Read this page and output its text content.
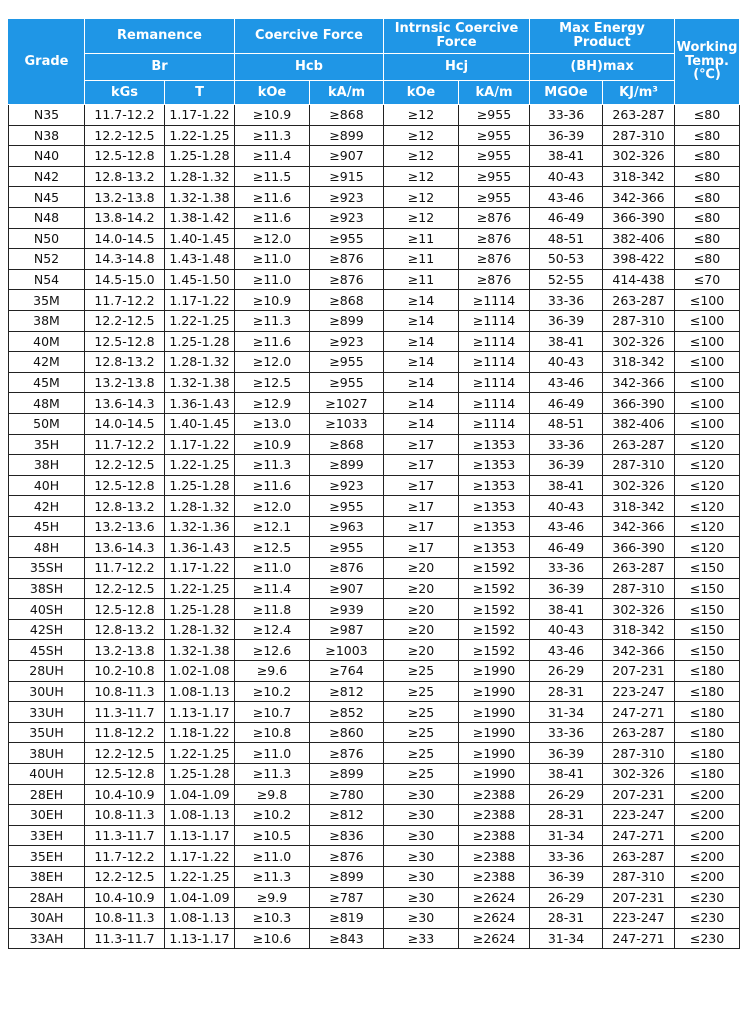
Grade	Remanence		Coercive Force		Intrnsic Coercive Force		Max Energy Product		Working
Temp.(℃)
	Br		Hcb		Hcj		(BH)max		
	kGs	T	kOe	kA/m	kOe	kA/m	MGOe	KJ/m³	
N35	11.7-12.2	1.17-1.22	≥10.9	≥868	≥12	≥955	33-36	263-287	≤80
N38	12.2-12.5	1.22-1.25	≥11.3	≥899	≥12	≥955	36-39	287-310	≤80
N40	12.5-12.8	1.25-1.28	≥11.4	≥907	≥12	≥955	38-41	302-326	≤80
N42	12.8-13.2	1.28-1.32	≥11.5	≥915	≥12	≥955	40-43	318-342	≤80
N45	13.2-13.8	1.32-1.38	≥11.6	≥923	≥12	≥955	43-46	342-366	≤80
N48	13.8-14.2	1.38-1.42	≥11.6	≥923	≥12	≥876	46-49	366-390	≤80
N50	14.0-14.5	1.40-1.45	≥12.0	≥955	≥11	≥876	48-51	382-406	≤80
N52	14.3-14.8	1.43-1.48	≥11.0	≥876	≥11	≥876	50-53	398-422	≤80
N54	14.5-15.0	1.45-1.50	≥11.0	≥876	≥11	≥876	52-55	414-438	≤70
35M	11.7-12.2	1.17-1.22	≥10.9	≥868	≥14	≥1114	33-36	263-287	≤100
38M	12.2-12.5	1.22-1.25	≥11.3	≥899	≥14	≥1114	36-39	287-310	≤100
40M	12.5-12.8	1.25-1.28	≥11.6	≥923	≥14	≥1114	38-41	302-326	≤100
42M	12.8-13.2	1.28-1.32	≥12.0	≥955	≥14	≥1114	40-43	318-342	≤100
45M	13.2-13.8	1.32-1.38	≥12.5	≥955	≥14	≥1114	43-46	342-366	≤100
48M	13.6-14.3	1.36-1.43	≥12.9	≥1027	≥14	≥1114	46-49	366-390	≤100
50M	14.0-14.5	1.40-1.45	≥13.0	≥1033	≥14	≥1114	48-51	382-406	≤100
35H	11.7-12.2	1.17-1.22	≥10.9	≥868	≥17	≥1353	33-36	263-287	≤120
38H	12.2-12.5	1.22-1.25	≥11.3	≥899	≥17	≥1353	36-39	287-310	≤120
40H	12.5-12.8	1.25-1.28	≥11.6	≥923	≥17	≥1353	38-41	302-326	≤120
42H	12.8-13.2	1.28-1.32	≥12.0	≥955	≥17	≥1353	40-43	318-342	≤120
45H	13.2-13.6	1.32-1.36	≥12.1	≥963	≥17	≥1353	43-46	342-366	≤120
48H	13.6-14.3	1.36-1.43	≥12.5	≥955	≥17	≥1353	46-49	366-390	≤120
35SH	11.7-12.2	1.17-1.22	≥11.0	≥876	≥20	≥1592	33-36	263-287	≤150
38SH	12.2-12.5	1.22-1.25	≥11.4	≥907	≥20	≥1592	36-39	287-310	≤150
40SH	12.5-12.8	1.25-1.28	≥11.8	≥939	≥20	≥1592	38-41	302-326	≤150
42SH	12.8-13.2	1.28-1.32	≥12.4	≥987	≥20	≥1592	40-43	318-342	≤150
45SH	13.2-13.8	1.32-1.38	≥12.6	≥1003	≥20	≥1592	43-46	342-366	≤150
28UH	10.2-10.8	1.02-1.08	≥9.6	≥764	≥25	≥1990	26-29	207-231	≤180
30UH	10.8-11.3	1.08-1.13	≥10.2	≥812	≥25	≥1990	28-31	223-247	≤180
33UH	11.3-11.7	1.13-1.17	≥10.7	≥852	≥25	≥1990	31-34	247-271	≤180
35UH	11.8-12.2	1.18-1.22	≥10.8	≥860	≥25	≥1990	33-36	263-287	≤180
38UH	12.2-12.5	1.22-1.25	≥11.0	≥876	≥25	≥1990	36-39	287-310	≤180
40UH	12.5-12.8	1.25-1.28	≥11.3	≥899	≥25	≥1990	38-41	302-326	≤180
28EH	10.4-10.9	1.04-1.09	≥9.8	≥780	≥30	≥2388	26-29	207-231	≤200
30EH	10.8-11.3	1.08-1.13	≥10.2	≥812	≥30	≥2388	28-31	223-247	≤200
33EH	11.3-11.7	1.13-1.17	≥10.5	≥836	≥30	≥2388	31-34	247-271	≤200
35EH	11.7-12.2	1.17-1.22	≥11.0	≥876	≥30	≥2388	33-36	263-287	≤200
38EH	12.2-12.5	1.22-1.25	≥11.3	≥899	≥30	≥2388	36-39	287-310	≤200
28AH	10.4-10.9	1.04-1.09	≥9.9	≥787	≥30	≥2624	26-29	207-231	≤230
30AH	10.8-11.3	1.08-1.13	≥10.3	≥819	≥30	≥2624	28-31	223-247	≤230
33AH	11.3-11.7	1.13-1.17	≥10.6	≥843	≥33	≥2624	31-34	247-271	≤230
